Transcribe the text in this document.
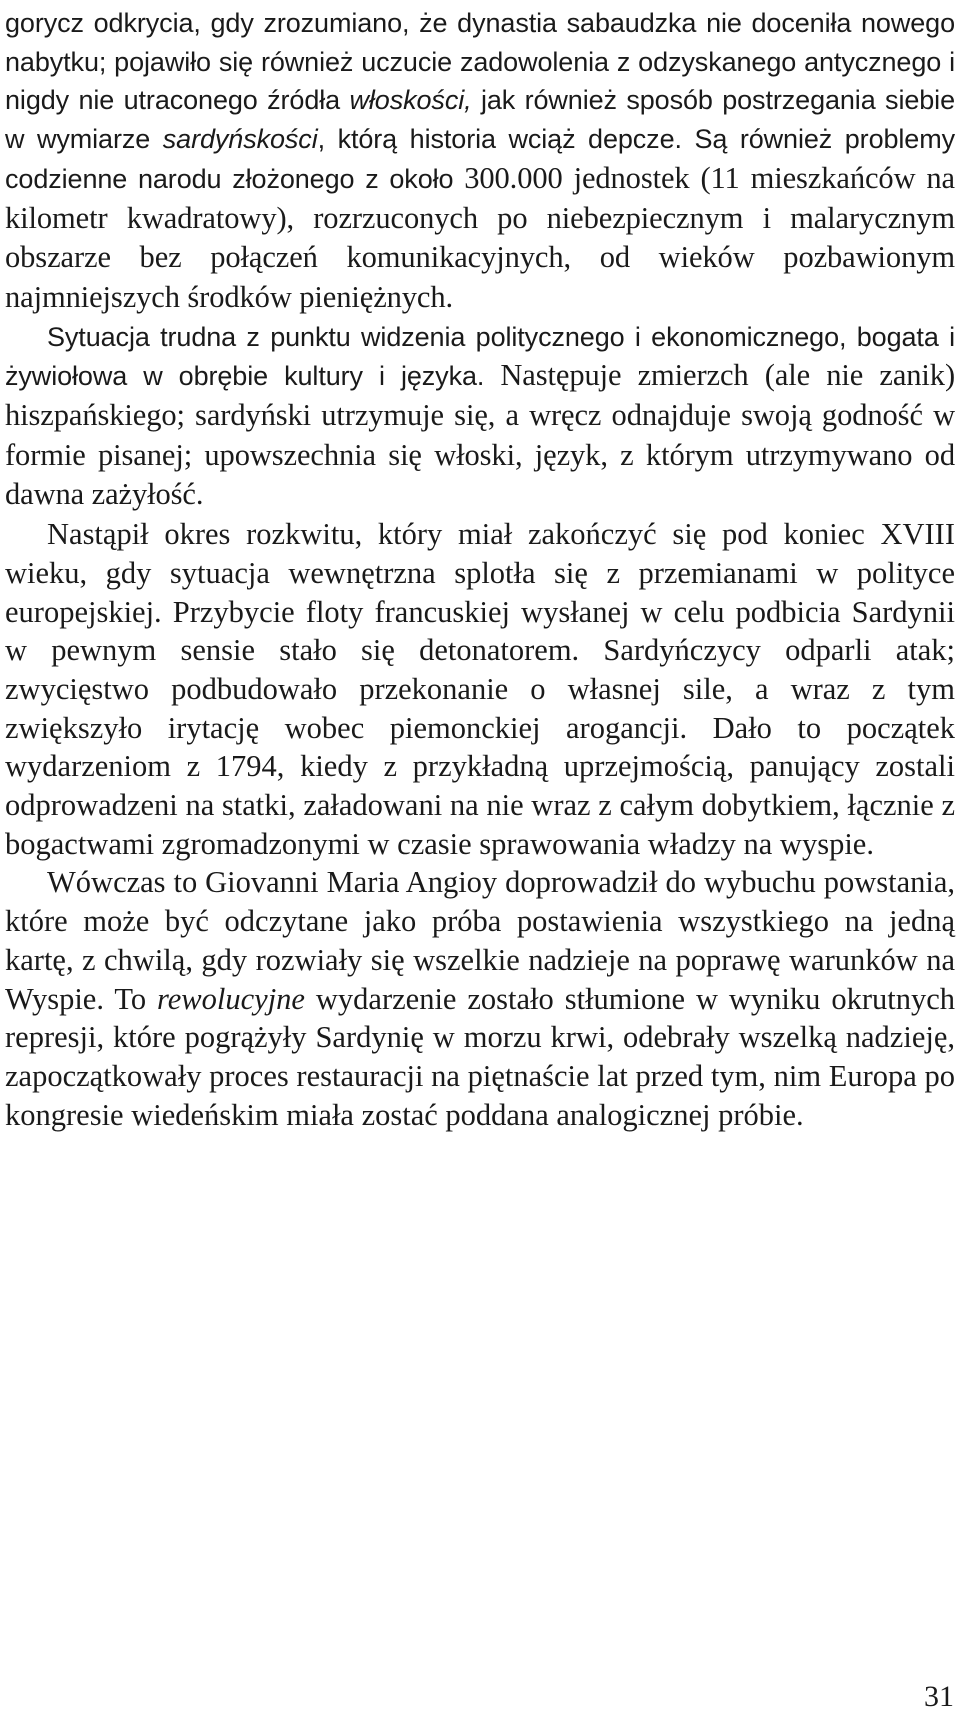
gorycz odkrycia, gdy zrozumiano, że dynastia sabaudzka nie doceniła nowego nabytku; pojawiło się również uczucie zadowolenia z odzyskanego antycznego i nigdy nie utraconego źródła włoskości, jak również sposób postrzegania siebie w wymiarze sardyńskości, którą historia wciąż depcze. Są również problemy codzienne narodu złożonego z około 300.000 jednostek (11 mieszkańców na kilometr kwadratowy), rozrzuconych po niebezpiecznym i malarycznym obszarze bez połączeń komunikacyjnych, od wieków pozbawionym najmniejszych środków pieniężnych.

Sytuacja trudna z punktu widzenia politycznego i ekonomicznego, bogata i żywiołowa w obrębie kultury i języka. Następuje zmierzch (ale nie zanik) hiszpańskiego; sardyński utrzymuje się, a wręcz odnajduje swoją godność w formie pisanej; upowszechnia się włoski, język, z którym utrzymywano od dawna zażyłość.

Nastąpił okres rozkwitu, który miał zakończyć się pod koniec XVIII wieku, gdy sytuacja wewnętrzna splotła się z przemianami w polityce europejskiej. Przybycie floty francuskiej wysłanej w celu podbicia Sardynii w pewnym sensie stało się detonatorem. Sardyńczycy odparli atak; zwycięstwo podbudowało przekonanie o własnej sile, a wraz z tym zwiększyło irytację wobec piemonckiej arogancji. Dało to początek wydarzeniom z 1794, kiedy z przykładną uprzejmością, panujący zostali odprowadzeni na statki, załadowani na nie wraz z całym dobytkiem, łącznie z bogactwami zgromadzonymi w czasie sprawowania władzy na wyspie.

Wówczas to Giovanni Maria Angioy doprowadził do wybuchu powstania, które może być odczytane jako próba postawienia wszystkiego na jedną kartę, z chwilą, gdy rozwiały się wszelkie nadzieje na poprawę warunków na Wyspie. To rewolucyjne wydarzenie zostało stłumione w wyniku okrutnych represji, które pogrążyły Sardynię w morzu krwi, odebrały wszelką nadzieję, zapoczątkowały proces restauracji na piętnaście lat przed tym, nim Europa po kongresie wiedeńskim miała zostać poddana analogicznej próbie.

31
